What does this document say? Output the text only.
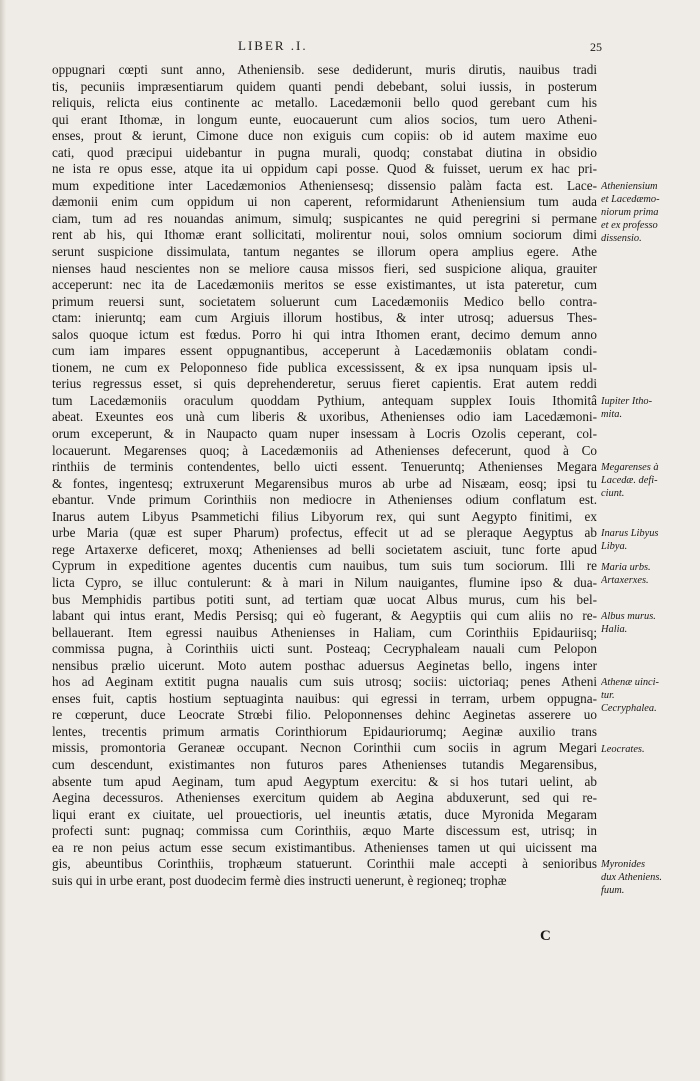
LIBER .I.	25
oppugnari cœpti sunt anno, Atheniensib. sese dediderunt, muris dirutis, nauibus tradi
tis, pecuniis impræsentiarum quidem quanti pendi debebant, solui iussis, in posterum
reliquis, relicta eius continente ac metallo. Lacedæmonii bello quod gerebant cum his
qui erant Ithomæ, in longum eunte, euocauerunt cum alios socios, tum uero Atheni-
enses, prout & ierunt, Cimone duce non exiguis cum copiis: ob id autem maxime euo
cati, quod præcipui uidebantur in pugna murali, quodq; constabat diutina in obsidio
ne ista re opus esse, atque ita ui oppidum capi posse. Quod & fuisset, uerum ex hac pri-
mum expeditione inter Lacedæmonios Atheniensesq; dissensio palàm facta est. Lace-
dæmonii enim cum oppidum ui non caperent, reformidarunt Atheniensium tum auda
ciam, tum ad res nouandas animum, simulq; suspicantes ne quid peregrini si permane
rent ab his, qui Ithomæ erant sollicitati, molirentur noui, solos omnium sociorum dimi
serunt suspicione dissimulata, tantum negantes se illorum opera amplius egere. Athe
nienses haud nescientes non se meliore causa missos fieri, sed suspicione aliqua, grauiter
acceperunt: nec ita de Lacedæmoniis meritos se esse existimantes, ut ista pateretur, cum
primum reuersi sunt, societatem soluerunt cum Lacedæmoniis Medico bello contra-
ctam: inieruntq; eam cum Argiuis illorum hostibus, & inter utrosq; aduersus Thes-
salos quoque ictum est fœdus. Porro hi qui intra Ithomen erant, decimo demum anno
cum iam impares essent oppugnantibus, acceperunt à Lacedæmoniis oblatam condi-
tionem, ne cum ex Peloponneso fide publica excessissent, & ex ipsa nunquam ipsis ul-
terius regressus esset, si quis deprehenderetur, seruus fieret capientis. Erat autem reddi
tum Lacedæmoniis oraculum quoddam Pythium, antequam supplex Iouis Ithomitâ
abeat. Exeuntes eos unà cum liberis & uxoribus, Athenienses odio iam Lacedæmoni-
orum exceperunt, & in Naupacto quam nuper insessam à Locris Ozolis ceperant, col-
locauerunt. Megarenses quoq; à Lacedæmoniis ad Athenienses defecerunt, quod à Co
rinthiis de terminis contendentes, bello uicti essent. Tenueruntq; Athenienses Megara
& fontes, ingentesq; extruxerunt Megarensibus muros ab urbe ad Nisæam, eosq; ipsi tu
ebantur. Vnde primum Corinthiis non mediocre in Athenienses odium conflatum est.
Inarus autem Libyus Psammetichi filius Libyorum rex, qui sunt Aegypto finitimi, ex
urbe Maria (quæ est super Pharum) profectus, effecit ut ad se pleraque Aegyptus ab
rege Artaxerxe deficeret, moxq; Athenienses ad belli societatem asciuit, tunc forte apud
Cyprum in expeditione agentes ducentis cum nauibus, tum suis tum sociorum. Illi re
licta Cypro, se illuc contulerunt: & à mari in Nilum nauigantes, flumine ipso & dua-
bus Memphidis partibus potiti sunt, ad tertiam quæ uocat Albus murus, cum his bel-
labant qui intus erant, Medis Persisq; qui eò fugerant, & Aegyptiis qui cum aliis no re-
bellauerant. Item egressi nauibus Athenienses in Haliam, cum Corinthiis Epidauriisq;
commissa pugna, à Corinthiis uicti sunt. Posteaq; Cecryphaleam nauali cum Pelopon
nensibus prælio uicerunt. Moto autem posthac aduersus Aeginetas bello, ingens inter
hos ad Aeginam extitit pugna naualis cum suis utrosq; sociis: uictoriaq; penes Atheni
enses fuit, captis hostium septuaginta nauibus: qui egressi in terram, urbem oppugna-
re cœperunt, duce Leocrate Strœbi filio. Peloponnenses dehinc Aeginetas asserere uo
lentes, trecentis primum armatis Corinthiorum Epidauriorumq; Aeginæ auxilio trans
missis, promontoria Geraneæ occupant. Necnon Corinthii cum sociis in agrum Megari
cum descendunt, existimantes non futuros pares Athenienses tutandis Megarensibus,
absente tum apud Aeginam, tum apud Aegyptum exercitu: & si hos tutari uelint, ab
Aegina decessuros. Athenienses exercitum quidem ab Aegina abduxerunt, sed qui re-
liqui erant ex ciuitate, uel prouectioris, uel ineuntis ætatis, duce Myronida Megaram
profecti sunt: pugnaq; commissa cum Corinthiis, æquo Marte discessum est, utrisq; in
ea re non peius actum esse secum existimantibus. Athenienses tamen ut qui uicissent ma
gis, abeuntibus Corinthiis, trophæum statuerunt. Corinthii male accepti à senioribus
suis qui in urbe erant, post duodecim fermè dies instructi uenerunt, è regioneq; trophæ
Atheniensium
et Lacedæmo-
niorum prima
et ex professo
dissensio.
Iupiter Itho-
mita.
Megarenses à
Lacedæ. defi-
ciunt.
Inarus Libyus
Libya.
Maria urbs.
Artaxerxes.
Albus murus.
Halia.
Athenæ uinci-
tur.
Cecryphalea.
Leocrates.
Myronides
dux Atheniens.
fuum.
C
